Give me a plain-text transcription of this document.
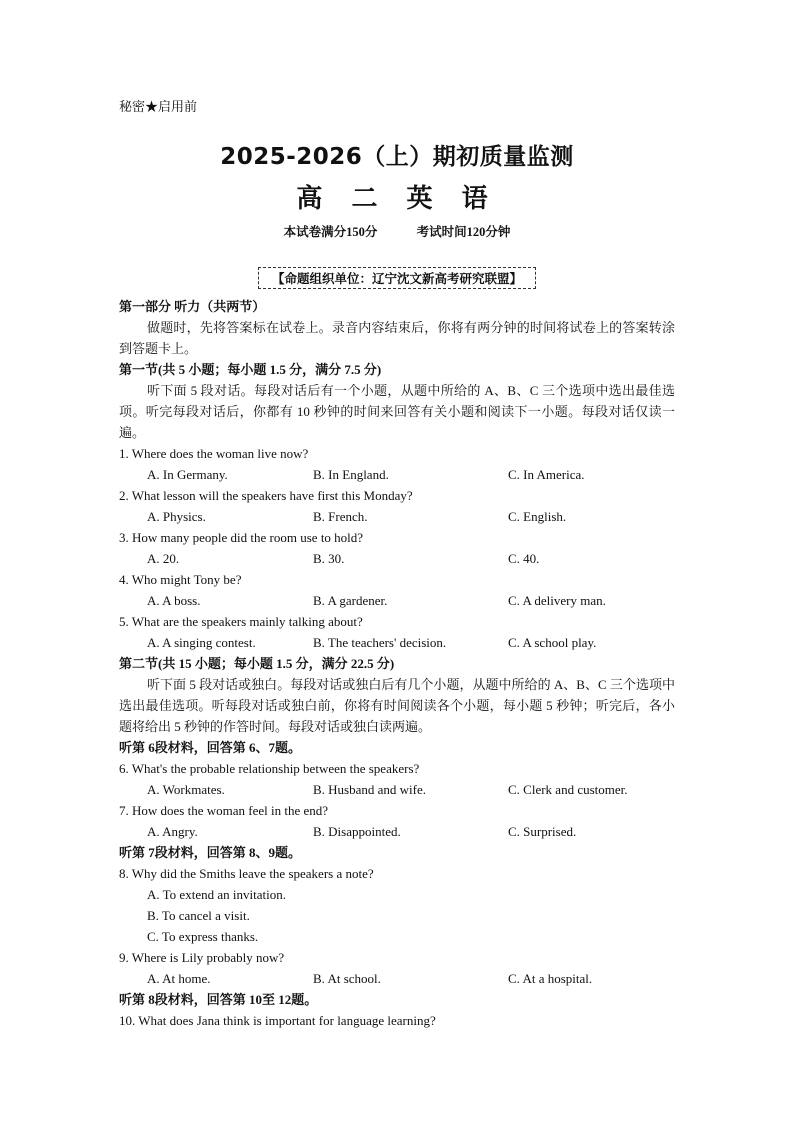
秘密★启用前
2025-2026（上）期初质量监测
高 二 英 语
本试卷满分150分	考试时间120分钟
【命题组织单位：辽宁沈文新高考研究联盟】
第一部分 听力（共两节）
做题时，先将答案标在试卷上。录音内容结束后，你将有两分钟的时间将试卷上的答案转涂到答题卡上。
第一节(共 5 小题；每小题 1.5 分，满分 7.5 分)
听下面 5 段对话。每段对话后有一个小题，从题中所给的 A、B、C 三个选项中选出最佳选项。听完每段对话后，你都有 10 秒钟的时间来回答有关小题和阅读下一小题。每段对话仅读一遍。
1. Where does the woman live now?
A. In Germany.	B. In England.	C. In America.
2. What lesson will the speakers have first this Monday?
A. Physics.	B. French.	C. English.
3. How many people did the room use to hold?
A. 20.	B. 30.	C. 40.
4. Who might Tony be?
A. A boss.	B. A gardener.	C. A delivery man.
5. What are the speakers mainly talking about?
A. A singing contest.	B. The teachers' decision.	C. A school play.
第二节(共 15 小题；每小题 1.5 分，满分 22.5 分)
听下面 5 段对话或独白。每段对话或独白后有几个小题，从题中所给的 A、B、C 三个选项中选出最佳选项。听每段对话或独白前，你将有时间阅读各个小题，每小题 5 秒钟；听完后，各小题将给出 5 秒钟的作答时间。每段对话或独白读两遍。
听第 6段材料，回答第 6、7题。
6. What's the probable relationship between the speakers?
A. Workmates.	B. Husband and wife.	C. Clerk and customer.
7. How does the woman feel in the end?
A. Angry.	B. Disappointed.	C. Surprised.
听第 7段材料，回答第 8、9题。
8. Why did the Smiths leave the speakers a note?
A. To extend an invitation.
B. To cancel a visit.
C. To express thanks.
9. Where is Lily probably now?
A. At home.	B. At school.	C. At a hospital.
听第 8段材料，回答第 10至 12题。
10. What does Jana think is important for language learning?
